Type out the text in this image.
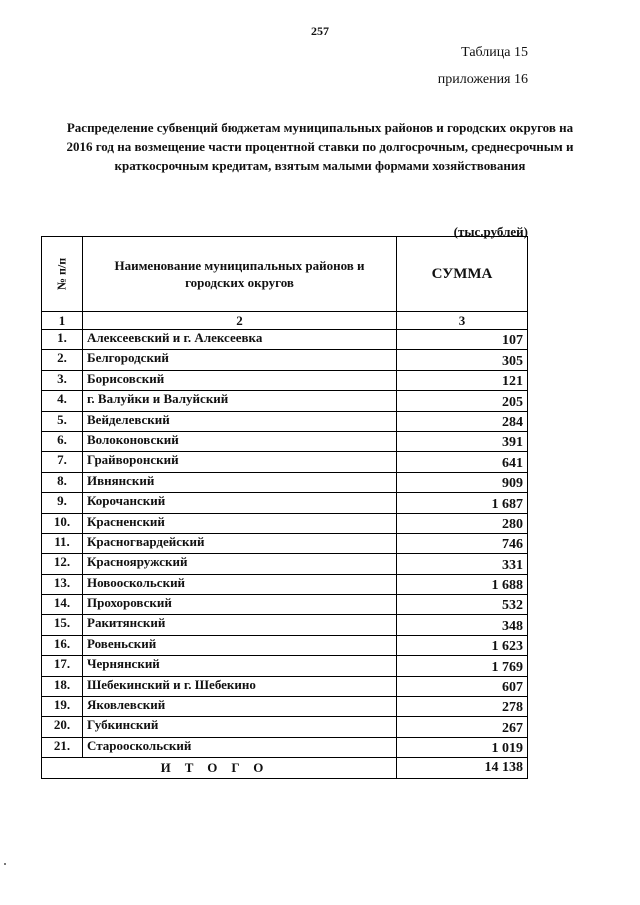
257
Таблица 15
приложения 16
Распределение субвенций бюджетам муниципальных районов и городских округов на 2016 год на возмещение части процентной ставки по долгосрочным, среднесрочным и краткосрочным кредитам, взятым малыми формами хозяйствования
(тыс.рублей)
№ п/п	Наименование муниципальных районов и городских округов	СУММА
1	2	3
1.	Алексеевский и г. Алексеевка	107
2.	Белгородский	305
3.	Борисовский	121
4.	г. Валуйки и Валуйский	205
5.	Вейделевский	284
6.	Волоконовский	391
7.	Грайворонский	641
8.	Ивнянский	909
9.	Корочанский	1 687
10.	Красненский	280
11.	Красногвардейский	746
12.	Краснояружский	331
13.	Новооскольский	1 688
14.	Прохоровский	532
15.	Ракитянский	348
16.	Ровеньский	1 623
17.	Чернянский	1 769
18.	Шебекинский и г. Шебекино	607
19.	Яковлевский	278
20.	Губкинский	267
21.	Старооскольский	1 019
ИТОГО		14 138
